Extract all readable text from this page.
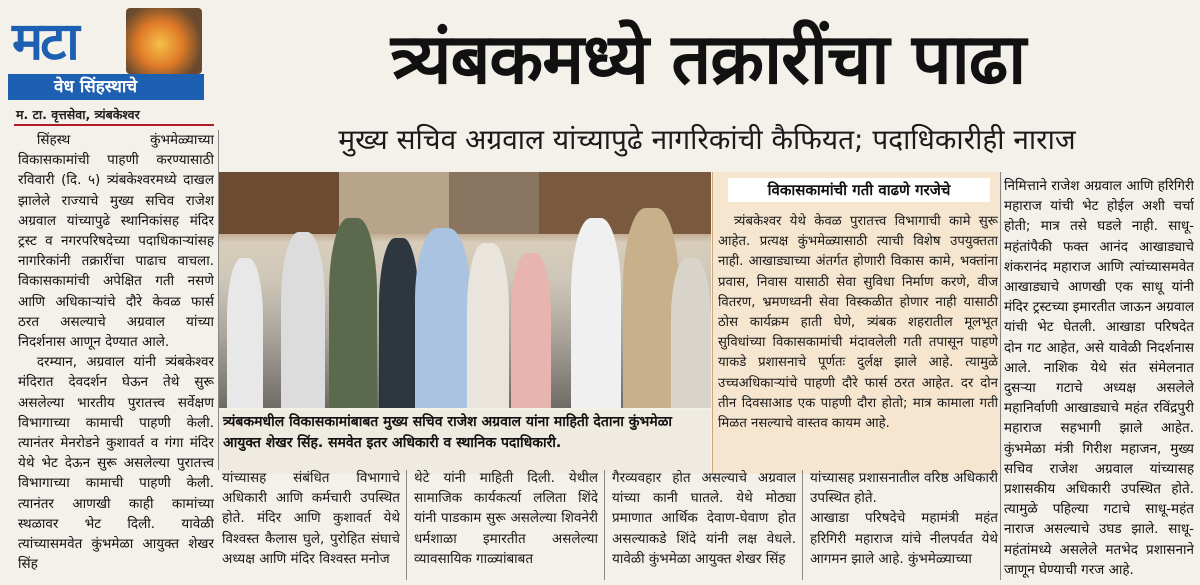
मटा
वेध सिंहस्थाचे	त्र्यंबकमध्ये तक्रारींचा पाढा
म. टा. वृत्तसेवा, त्र्यंबकेश्वर
मुख्य सचिव अग्रवाल यांच्यापुढे नागरिकांची कैफियत; पदाधिकारीही नाराज

सिंहस्थ कुंभमेळ्याच्या विकासकामांची पाहणी करण्यासाठी रविवारी (दि. ५) त्र्यंबकेश्वरमध्ये दाखल झालेले राज्याचे मुख्य सचिव राजेश अग्रवाल यांच्यापुढे स्थानिकांसह मंदिर ट्रस्ट व नगरपरिषदेच्या पदाधिकाऱ्यांसह नागरिकांनी तक्रारींचा पाढाच वाचला. विकासकामांची अपेक्षित गती नसणे आणि अधिकाऱ्यांचे दौरे केवळ फार्स ठरत असल्याचे अग्रवाल यांच्या निदर्शनास आणून देण्यात आले.

दरम्यान, अग्रवाल यांनी त्र्यंबकेश्वर मंदिरात देवदर्शन घेऊन तेथे सुरू असलेल्या भारतीय पुरातत्त्व सर्वेक्षण विभागाच्या कामाची पाहणी केली. त्यानंतर मेनरोडने कुशावर्त व गंगा मंदिर येथे भेट देऊन सुरू असलेल्या पुरातत्त्व विभागाच्या कामाची पाहणी केली. त्यानंतर आणखी काही कामांच्या स्थळावर भेट दिली. यावेळी त्यांच्यासमवेत कुंभमेळा आयुक्त शेखर सिंह

त्र्यंबकमधील विकासकामांबाबत मुख्य सचिव राजेश अग्रवाल यांना माहिती देताना कुंभमेळा आयुक्त शेखर सिंह. समवेत इतर अधिकारी व स्थानिक पदाधिकारी.
विकासकामांची गती वाढणे गरजेचे

त्र्यंबकेश्वर येथे केवळ पुरातत्त्व विभागाची कामे सुरू आहेत. प्रत्यक्ष कुंभमेळ्यासाठी त्याची विशेष उपयुक्तता नाही. आखाड्याच्या अंतर्गत होणारी विकास कामे, भक्तांना प्रवास, निवास यासाठी सेवा सुविधा निर्माण करणे, वीज वितरण, भ्रमणध्वनी सेवा विस्कळीत होणार नाही यासाठी ठोस कार्यक्रम हाती घेणे, त्र्यंबक शहरातील मूलभूत सुविधांच्या विकासकामांची मंदावलेली गती तपासून पाहणे याकडे प्रशासनाचे पूर्णतः दुर्लक्ष झाले आहे. त्यामुळे उच्चअधिकाऱ्यांचे पाहणी दौरे फार्स ठरत आहेत. दर दोन तीन दिवसाआड एक पाहणी दौरा होतो; मात्र कामाला गती मिळत नसल्याचे वास्तव कायम आहे.

निमित्ताने राजेश अग्रवाल आणि हरिगिरी महाराज यांची भेट होईल अशी चर्चा होती; मात्र तसे घडले नाही. साधू-महंतांपैकी फक्त आनंद आखाड्याचे शंकरानंद महाराज आणि त्यांच्यासमवेत आखाड्याचे आणखी एक साधू यांनी मंदिर ट्रस्टच्या इमारतीत जाऊन अग्रवाल यांची भेट घेतली. आखाडा परिषदेत दोन गट आहेत, असे यावेळी निदर्शनास आले. नाशिक येथे संत संमेलनात दुसऱ्या गटाचे अध्यक्ष असलेले महानिर्वाणी आखाड्याचे महंत रविंद्रपुरी महाराज सहभागी झाले आहेत. कुंभमेळा मंत्री गिरीश महाजन, मुख्य सचिव राजेश अग्रवाल यांच्यासह प्रशासकीय अधिकारी उपस्थित होते. त्यामुळे पहिल्या गटाचे साधू-महंत नाराज असल्याचे उघड झाले. साधू-महंतांमध्ये असलेले मतभेद प्रशासनाने जाणून घेण्याची गरज आहे.

यांच्यासह संबंधित विभागाचे अधिकारी आणि कर्मचारी उपस्थित होते. मंदिर आणि कुशावर्त येथे विश्वस्त कैलास घुले, पुरोहित संघाचे अध्यक्ष आणि मंदिर विश्वस्त मनोज
थेटे यांनी माहिती दिली. येथील सामाजिक कार्यकर्त्या ललिता शिंदे यांनी पाडकाम सुरू असलेल्या शिवनेरी धर्मशाळा इमारतीत असलेल्या व्यावसायिक गाळ्यांबाबत
गैरव्यवहार होत असल्याचे अग्रवाल यांच्या कानी घातले. येथे मोठ्या प्रमाणात आर्थिक देवाण-घेवाण होत असल्याकडे शिंदे यांनी लक्ष वेधले. यावेळी कुंभमेळा आयुक्त शेखर सिंह
यांच्यासह प्रशासनातील वरिष्ठ अधिकारी उपस्थित होते.
आखाडा परिषदेचे महामंत्री महंत हरिगिरी महाराज यांचे नीलपर्वत येथे आगमन झाले आहे. कुंभमेळ्याच्या
